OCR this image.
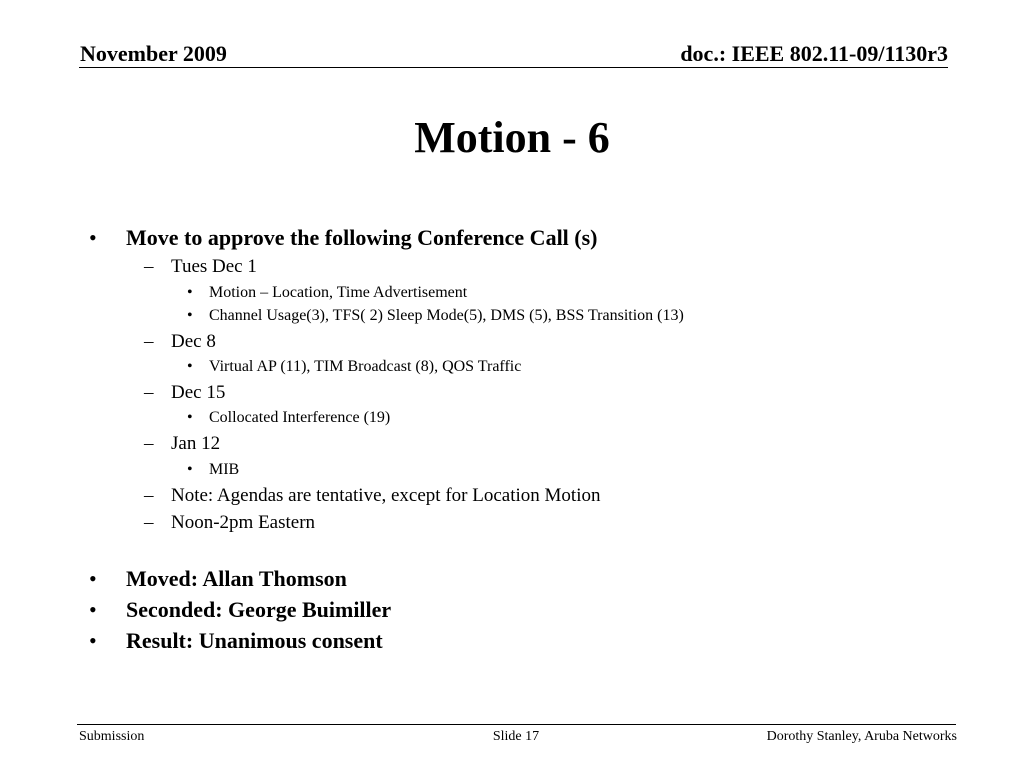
November 2009	doc.: IEEE 802.11-09/1130r3
Motion - 6
• Move to approve the following Conference Call (s)
– Tues Dec 1
• Motion – Location, Time Advertisement
• Channel Usage(3), TFS( 2) Sleep Mode(5), DMS (5), BSS Transition (13)
– Dec 8
• Virtual AP (11), TIM Broadcast (8), QOS Traffic
– Dec 15
• Collocated Interference (19)
– Jan 12
• MIB
– Note: Agendas are tentative, except for Location Motion
– Noon-2pm Eastern
• Moved: Allan Thomson
• Seconded: George Buimiller
• Result: Unanimous consent
Submission	Slide 17	Dorothy Stanley, Aruba Networks
